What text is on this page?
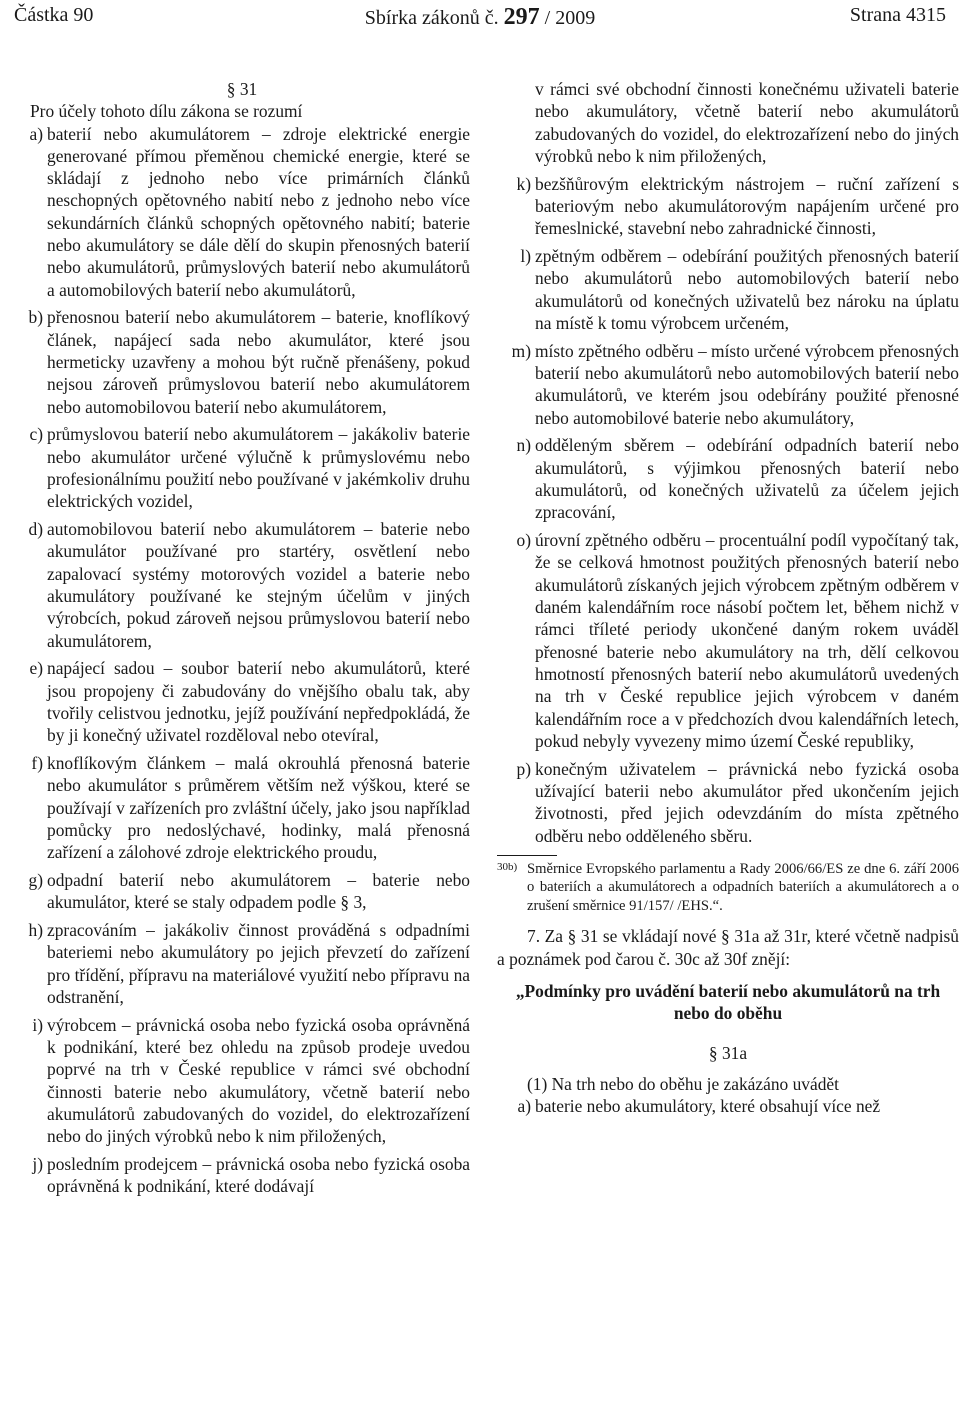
Částka 90	Sbírka zákonů č. 297 / 2009	Strana 4315

§ 31

Pro účely tohoto dílu zákona se rozumí

a) baterií nebo akumulátorem – zdroje elektrické energie generované přímou přeměnou chemické energie, které se skládají z jednoho nebo více primárních článků neschopných opětovného nabití nebo z jednoho nebo více sekundárních článků schopných opětovného nabití; baterie nebo akumulátory se dále dělí do skupin přenosných baterií nebo akumulátorů, průmyslových baterií nebo akumulátorů a automobilových baterií nebo akumulátorů,
b) přenosnou baterií nebo akumulátorem – baterie, knoflíkový článek, napájecí sada nebo akumulátor, které jsou hermeticky uzavřeny a mohou být ručně přenášeny, pokud nejsou zároveň průmyslovou baterií nebo akumulátorem nebo automobilovou baterií nebo akumulátorem,
c) průmyslovou baterií nebo akumulátorem – jakákoliv baterie nebo akumulátor určené výlučně k průmyslovému nebo profesionálnímu použití nebo používané v jakémkoliv druhu elektrických vozidel,
d) automobilovou baterií nebo akumulátorem – baterie nebo akumulátor používané pro startéry, osvětlení nebo zapalovací systémy motorových vozidel a baterie nebo akumulátory používané ke stejným účelům v jiných výrobcích, pokud zároveň nejsou průmyslovou baterií nebo akumulátorem,
e) napájecí sadou – soubor baterií nebo akumulátorů, které jsou propojeny či zabudovány do vnějšího obalu tak, aby tvořily celistvou jednotku, jejíž používání nepředpokládá, že by ji konečný uživatel rozděloval nebo otevíral,
f) knoflíkovým článkem – malá okrouhlá přenosná baterie nebo akumulátor s průměrem větším než výškou, které se používají v zařízeních pro zvláštní účely, jako jsou například pomůcky pro nedoslýchavé, hodinky, malá přenosná zařízení a zálohové zdroje elektrického proudu,
g) odpadní baterií nebo akumulátorem – baterie nebo akumulátor, které se staly odpadem podle § 3,
h) zpracováním – jakákoliv činnost prováděná s odpadními bateriemi nebo akumulátory po jejich převzetí do zařízení pro třídění, přípravu na materiálové využití nebo přípravu na odstranění,
i) výrobcem – právnická osoba nebo fyzická osoba oprávněná k podnikání, které bez ohledu na způsob prodeje uvedou poprvé na trh v České republice v rámci své obchodní činnosti baterie nebo akumulátory, včetně baterií nebo akumulátorů zabudovaných do vozidel, do elektrozařízení nebo do jiných výrobků nebo k nim přiložených,
j) posledním prodejcem – právnická osoba nebo fyzická osoba oprávněná k podnikání, které dodávají

v rámci své obchodní činnosti konečnému uživateli baterie nebo akumulátory, včetně baterií nebo akumulátorů zabudovaných do vozidel, do elektrozařízení nebo do jiných výrobků nebo k nim přiložených,

k) bezšňůrovým elektrickým nástrojem – ruční zařízení s bateriovým nebo akumulátorovým napájením určené pro řemeslnické, stavební nebo zahradnické činnosti,
l) zpětným odběrem – odebírání použitých přenosných baterií nebo akumulátorů nebo automobilových baterií nebo akumulátorů od konečných uživatelů bez nároku na úplatu na místě k tomu výrobcem určeném,
m) místo zpětného odběru – místo určené výrobcem přenosných baterií nebo akumulátorů nebo automobilových baterií nebo akumulátorů, ve kterém jsou odebírány použité přenosné nebo automobilové baterie nebo akumulátory,
n) odděleným sběrem – odebírání odpadních baterií nebo akumulátorů, s výjimkou přenosných baterií nebo akumulátorů, od konečných uživatelů za účelem jejich zpracování,
o) úrovní zpětného odběru – procentuální podíl vypočítaný tak, že se celková hmotnost použitých přenosných baterií nebo akumulátorů získaných jejich výrobcem zpětným odběrem v daném kalendářním roce násobí počtem let, během nichž v rámci tříleté periody ukončené daným rokem uváděl přenosné baterie nebo akumulátory na trh, dělí celkovou hmotností přenosných baterií nebo akumulátorů uvedených na trh v České republice jejich výrobcem v daném kalendářním roce a v předchozích dvou kalendářních letech, pokud nebyly vyvezeny mimo území České republiky,
p) konečným uživatelem – právnická nebo fyzická osoba užívající baterii nebo akumulátor před ukončením jejich životnosti, před jejich odevzdáním do místa zpětného odběru nebo odděleného sběru.
30b) Směrnice Evropského parlamentu a Rady 2006/66/ES ze dne 6. září 2006 o bateriích a akumulátorech a odpadních bateriích a akumulátorech a o zrušení směrnice 91/157/ /EHS.“.

7. Za § 31 se vkládají nové § 31a až 31r, které včetně nadpisů a poznámek pod čarou č. 30c až 30f znějí:

„Podmínky pro uvádění baterií nebo akumulátorů na trh nebo do oběhu

§ 31a

(1) Na trh nebo do oběhu je zakázáno uvádět

a) baterie nebo akumulátory, které obsahují více než
